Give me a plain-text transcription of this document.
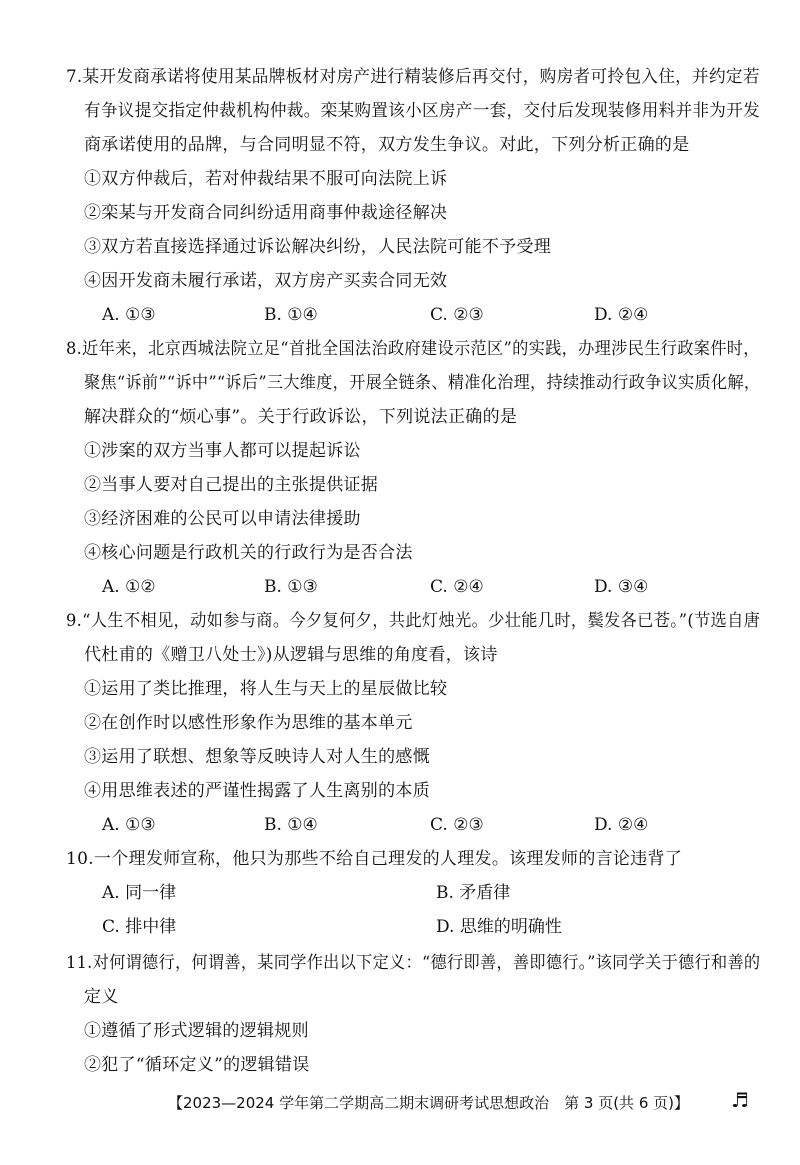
7.某开发商承诺将使用某品牌板材对房产进行精装修后再交付，购房者可拎包入住，并约定若
有争议提交指定仲裁机构仲裁。栾某购置该小区房产一套，交付后发现装修用料并非为开发
商承诺使用的品牌，与合同明显不符，双方发生争议。对此，下列分析正确的是
①双方仲裁后，若对仲裁结果不服可向法院上诉
②栾某与开发商合同纠纷适用商事仲裁途径解决
③双方若直接选择通过诉讼解决纠纷，人民法院可能不予受理
④因开发商未履行承诺，双方房产买卖合同无效
A. ①③	B. ①④	C. ②③	D. ②④
8.近年来，北京西城法院立足“首批全国法治政府建设示范区”的实践，办理涉民生行政案件时，
聚焦“诉前”“诉中”“诉后”三大维度，开展全链条、精准化治理，持续推动行政争议实质化解，
解决群众的“烦心事”。关于行政诉讼，下列说法正确的是
①涉案的双方当事人都可以提起诉讼
②当事人要对自己提出的主张提供证据
③经济困难的公民可以申请法律援助
④核心问题是行政机关的行政行为是否合法
A. ①②	B. ①③	C. ②④	D. ③④
9.“人生不相见，动如参与商。今夕复何夕，共此灯烛光。少壮能几时，鬓发各已苍。”(节选自唐
代杜甫的《赠卫八处士》)从逻辑与思维的角度看，该诗
①运用了类比推理，将人生与天上的星辰做比较
②在创作时以感性形象作为思维的基本单元
③运用了联想、想象等反映诗人对人生的感慨
④用思维表述的严谨性揭露了人生离别的本质
A. ①③	B. ①④	C. ②③	D. ②④
10.一个理发师宣称，他只为那些不给自己理发的人理发。该理发师的言论违背了
A. 同一律	B. 矛盾律
C. 排中律	D. 思维的明确性
11.对何谓德行，何谓善，某同学作出以下定义：“德行即善，善即德行。”该同学关于德行和善的
定义
①遵循了形式逻辑的逻辑规则
②犯了“循环定义”的逻辑错误
【2023—2024 学年第二学期高二期末调研考试思想政治　第 3 页(共 6 页)】 ♬
